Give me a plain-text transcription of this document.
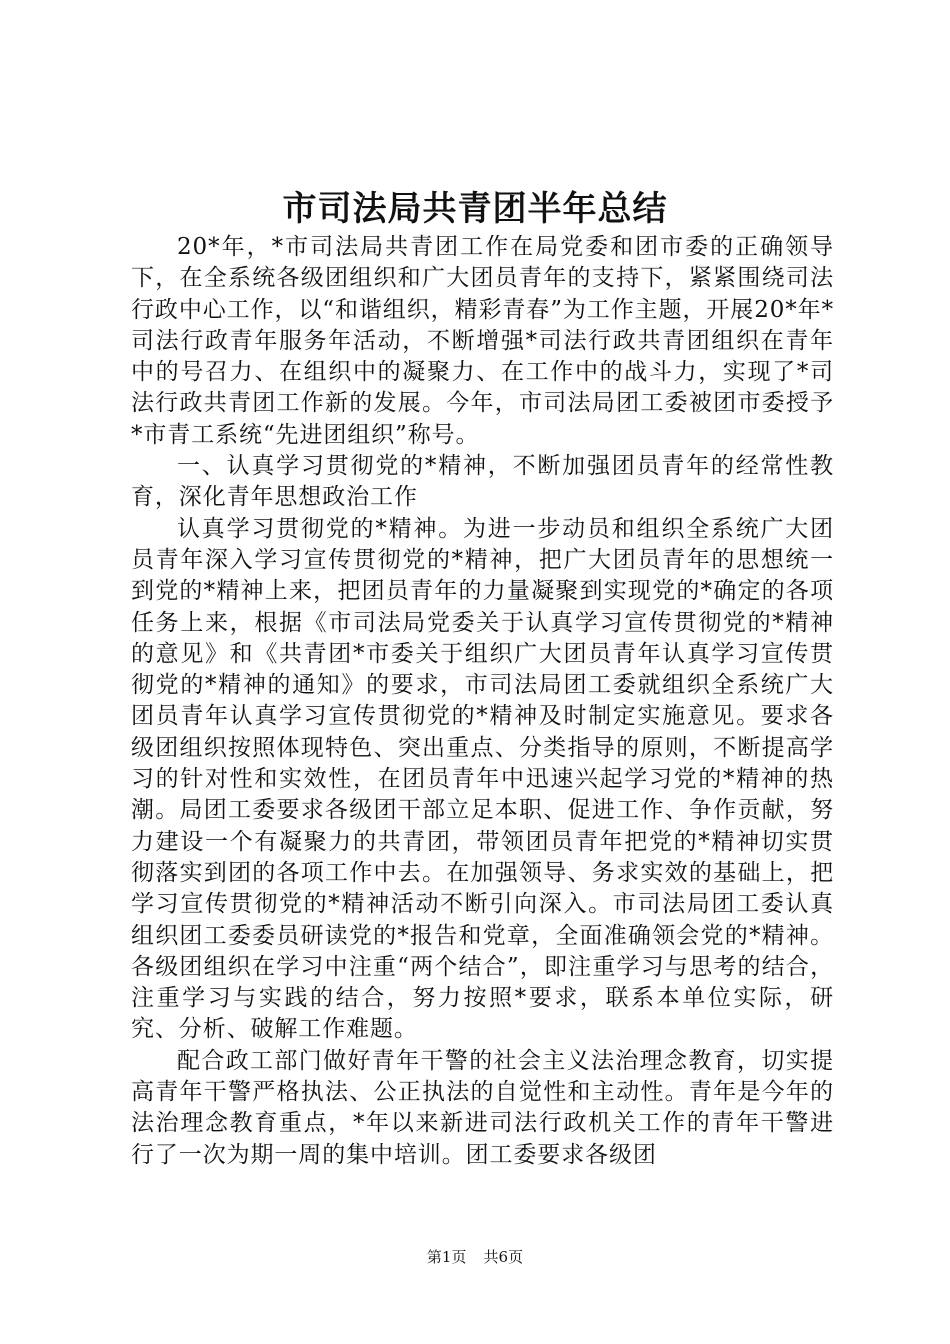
市司法局共青团半年总结

20*年，*市司法局共青团工作在局党委和团市委的正确领导下，在全系统各级团组织和广大团员青年的支持下，紧紧围绕司法行政中心工作，以“和谐组织，精彩青春”为工作主题，开展20*年*司法行政青年服务年活动，不断增强*司法行政共青团组织在青年中的号召力、在组织中的凝聚力、在工作中的战斗力，实现了*司法行政共青团工作新的发展。今年，市司法局团工委被团市委授予*市青工系统“先进团组织”称号。

一、认真学习贯彻党的*精神，不断加强团员青年的经常性教育，深化青年思想政治工作

认真学习贯彻党的*精神。为进一步动员和组织全系统广大团员青年深入学习宣传贯彻党的*精神，把广大团员青年的思想统一到党的*精神上来，把团员青年的力量凝聚到实现党的*确定的各项任务上来，根据《市司法局党委关于认真学习宣传贯彻党的*精神的意见》和《共青团*市委关于组织广大团员青年认真学习宣传贯彻党的*精神的通知》的要求，市司法局团工委就组织全系统广大团员青年认真学习宣传贯彻党的*精神及时制定实施意见。要求各级团组织按照体现特色、突出重点、分类指导的原则，不断提高学习的针对性和实效性，在团员青年中迅速兴起学习党的*精神的热潮。局团工委要求各级团干部立足本职、促进工作、争作贡献，努力建设一个有凝聚力的共青团，带领团员青年把党的*精神切实贯彻落实到团的各项工作中去。在加强领导、务求实效的基础上，把学习宣传贯彻党的*精神活动不断引向深入。市司法局团工委认真组织团工委委员研读党的*报告和党章，全面准确领会党的*精神。各级团组织在学习中注重“两个结合”，即注重学习与思考的结合，注重学习与实践的结合，努力按照*要求，联系本单位实际，研究、分析、破解工作难题。

配合政工部门做好青年干警的社会主义法治理念教育，切实提高青年干警严格执法、公正执法的自觉性和主动性。青年是今年的法治理念教育重点，*年以来新进司法行政机关工作的青年干警进行了一次为期一周的集中培训。团工委要求各级团

第1页   共6页
